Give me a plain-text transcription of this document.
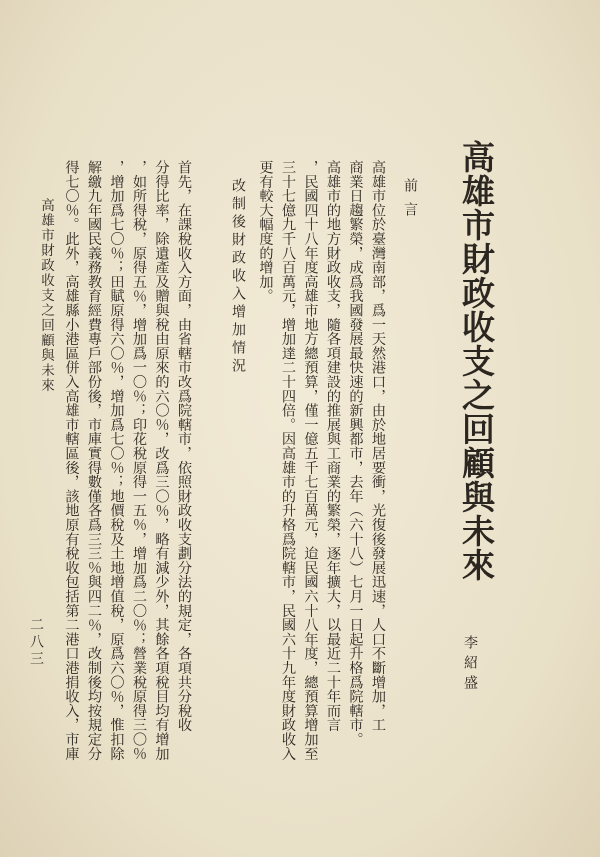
高雄市財政收支之回顧與未來
李紹盛
前言
高雄市位於臺灣南部，爲一天然港口，由於地居要衝，光復後發展迅速，人口不斷增加，工
商業日趨繁榮，成爲我國發展最快速的新興都市，去年（六十八）七月一日起升格爲院轄市。
高雄市的地方財政收支，隨各項建設的推展與工商業的繁榮，逐年擴大，以最近二十年而言
，民國四十八年度高雄市地方總預算，僅一億五千七百萬元，迨民國六十八年度，總預算增加至
三十七億九千八百萬元，增加達二十四倍。因高雄市的升格爲院轄市，民國六十九年度財政收入
更有較大幅度的增加。
改制後財政收入增加情況
首先，在課稅收入方面，由省轄市改爲院轄市，依照財政收支劃分法的規定，各項共分稅收
分得比率，除遺產及贈與稅由原來的六〇％，改爲三〇％，略有減少外，其餘各項稅目均有增加
，如所得稅，原得五％，增加爲一〇％；印花稅原得一五％，增加爲二〇％；營業稅原得三〇％
，增加爲七〇％；田賦原得六〇％，增加爲七〇％；地價稅及土地增值稅，原爲六〇％，惟扣除
解繳九年國民義務教育經費專戶部份後，市庫實得數僅各爲三三％與四二％，改制後均按規定分
得七〇％。此外，高雄縣小港區併入高雄市轄區後，該地原有稅收包括第二港口港捐收入，市庫
高雄市財政收支之回顧與未來
二八三
